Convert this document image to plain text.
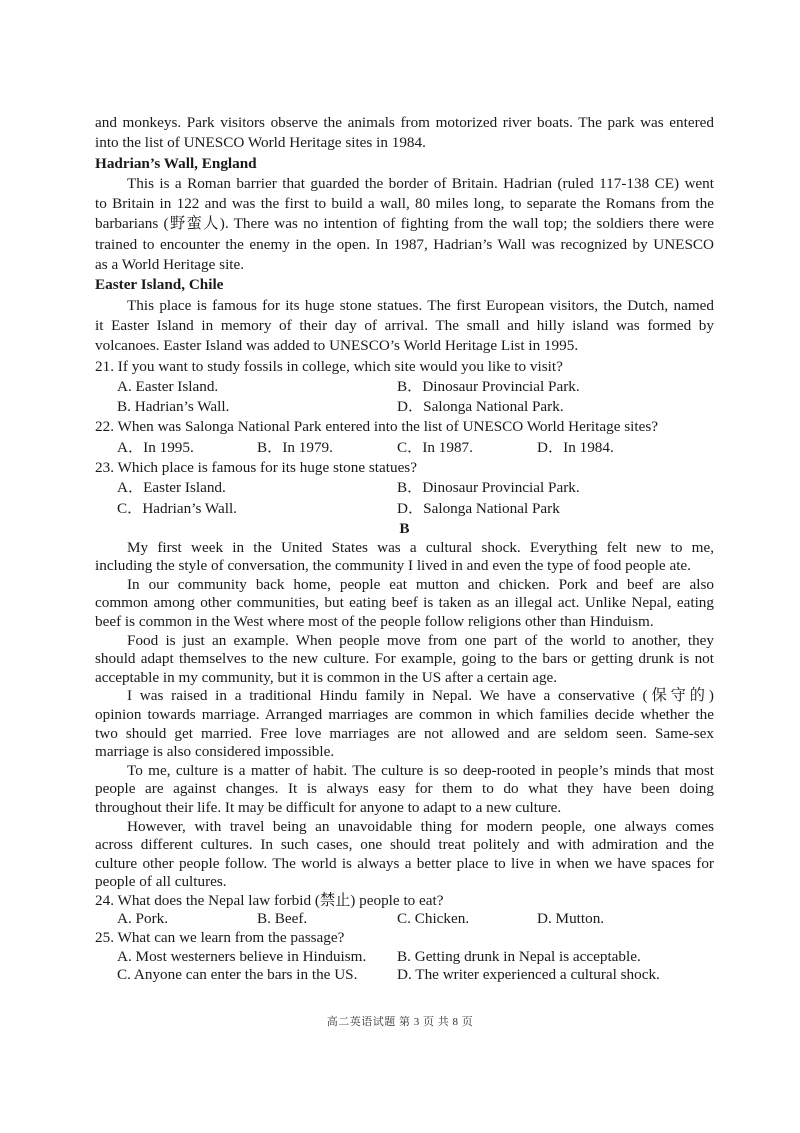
and monkeys. Park visitors observe the animals from motorized river boats. The park was entered
into the list of UNESCO World Heritage sites in 1984.
Hadrian’s Wall, England
This is a Roman barrier that guarded the border of Britain. Hadrian (ruled 117-138 CE) went
to Britain in 122 and was the first to build a wall, 80 miles long, to separate the Romans from the
barbarians (野蛮人). There was no intention of fighting from the wall top; the soldiers there were
trained to encounter the enemy in the open. In 1987, Hadrian’s Wall was recognized by UNESCO
as a World Heritage site.
Easter Island, Chile
This place is famous for its huge stone statues. The first European visitors, the Dutch, named
it Easter Island in memory of their day of arrival. The small and hilly island was formed by
volcanoes. Easter Island was added to UNESCO’s World Heritage List in 1995.
21. If you want to study fossils in college, which site would you like to visit?
A. Easter Island.	B．Dinosaur Provincial Park.
B. Hadrian’s Wall.	D．Salonga National Park.
22. When was Salonga National Park entered into the list of UNESCO World Heritage sites?
A．In 1995.	B．In 1979.	C．In 1987.	D．In 1984.
23. Which place is famous for its huge stone statues?
A．Easter Island.	B．Dinosaur Provincial Park.
C．Hadrian’s Wall.	D．Salonga National Park
B
My first week in the United States was a cultural shock. Everything felt new to me,
including the style of conversation, the community I lived in and even the type of food people ate.
In our community back home, people eat mutton and chicken. Pork and beef are also
common among other communities, but eating beef is taken as an illegal act. Unlike Nepal, eating
beef is common in the West where most of the people follow religions other than Hinduism.
Food is just an example. When people move from one part of the world to another, they
should adapt themselves to the new culture. For example, going to the bars or getting drunk is not
acceptable in my community, but it is common in the US after a certain age.
I was raised in a traditional Hindu family in Nepal. We have a conservative (保守的)
opinion towards marriage. Arranged marriages are common in which families decide whether the
two should get married. Free love marriages are not allowed and are seldom seen. Same-sex
marriage is also considered impossible.
To me, culture is a matter of habit. The culture is so deep-rooted in people’s minds that most
people are against changes. It is always easy for them to do what they have been doing
throughout their life. It may be difficult for anyone to adapt to a new culture.
However, with travel being an unavoidable thing for modern people, one always comes
across different cultures. In such cases, one should treat politely and with admiration and the
culture other people follow. The world is always a better place to live in when we have spaces for
people of all cultures.
24. What does the Nepal law forbid (禁止) people to eat?
A. Pork.	B. Beef.	C. Chicken.	D. Mutton.
25. What can we learn from the passage?
A. Most westerners believe in Hinduism. B. Getting drunk in Nepal is acceptable.
C. Anyone can enter the bars in the US.	D. The writer experienced a cultural shock.
高二英语试题 第 3 页 共 8 页
